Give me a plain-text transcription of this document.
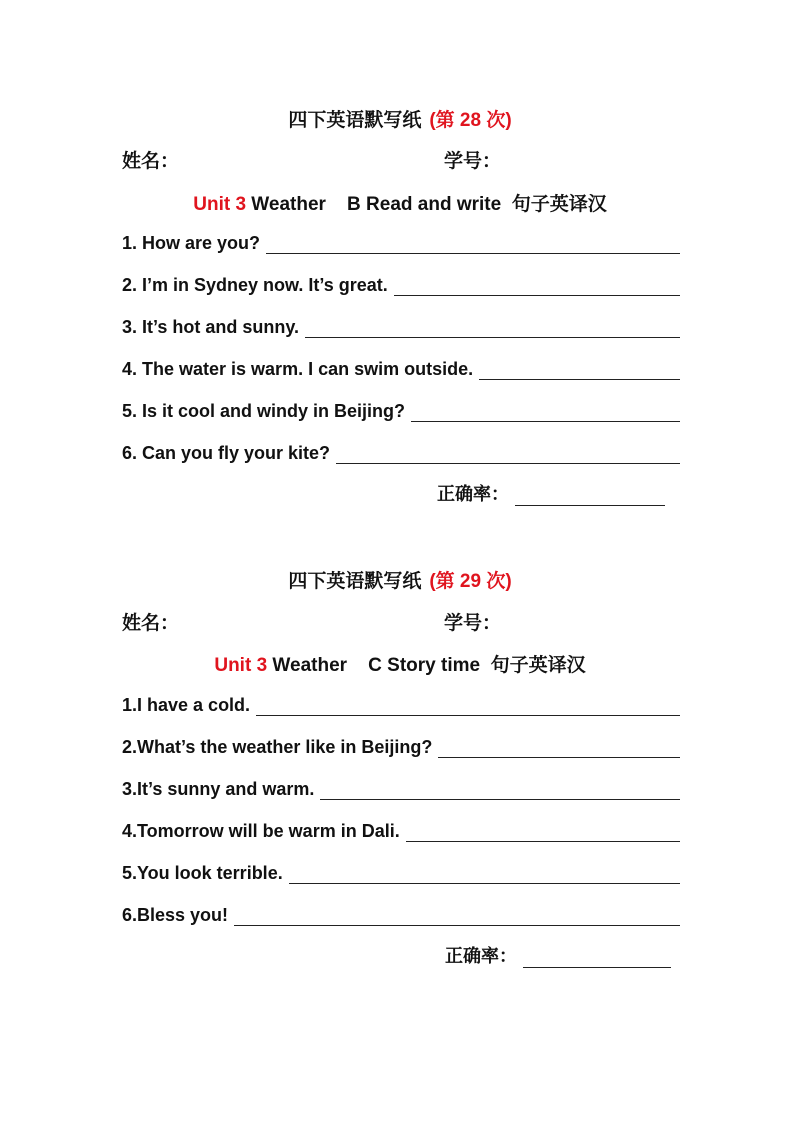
四下英语默写纸 (第 28 次)
姓名：	学号：
Unit 3 Weather    B Read and write  句子英译汉
1. How are you?
2. I’m in Sydney now. It’s great.
3. It’s hot and sunny.
4. The water is warm. I can swim outside.
5. Is it cool and windy in Beijing?
6. Can you fly your kite?
正确率：
四下英语默写纸 (第 29 次)
姓名：	学号：
Unit 3 Weather    C Story time  句子英译汉
1.I have a cold.
2.What’s the weather like in Beijing?
3.It’s sunny and warm.
4.Tomorrow will be warm in Dali.
5.You look terrible.
6.Bless you!
正确率：
